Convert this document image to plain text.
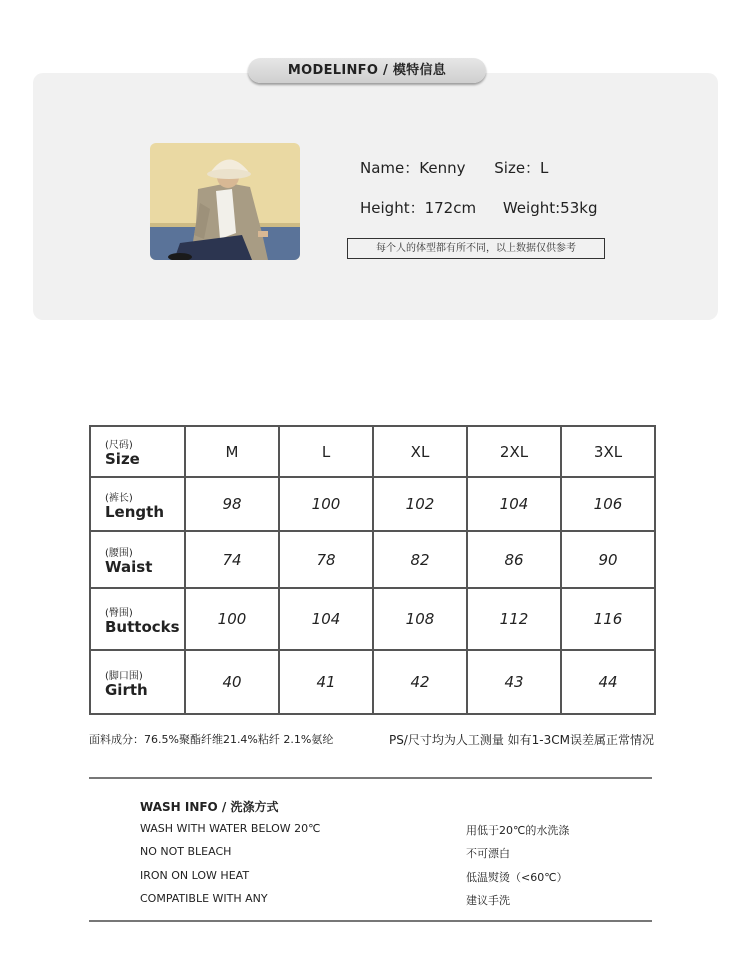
MODELINFO / 模特信息
Name：Kenny Size：L
Height：172cm Weight:53kg
每个人的体型都有所不同，以上数据仅供参考
(尺码)
Size	M	L	XL	2XL	3XL

(裤长)
Length	98	100	102	104	106

(腰围)
Waist	74	78	82	86	90

(臀围)
Buttocks	100	104	108	112	116

(脚口围)
Girth	40	41	42	43	44
面料成分：76.5%聚酯纤维21.4%粘纤 2.1%氨纶	PS/尺寸均为人工测量 如有1-3CM误差属正常情况
WASH INFO / 洗涤方式
WASH WITH WATER BELOW 20℃	用低于20℃的水洗涤
NO NOT BLEACH	不可漂白
IRON ON LOW HEAT	低温熨烫（<60℃）
COMPATIBLE WITH ANY	建议手洗
